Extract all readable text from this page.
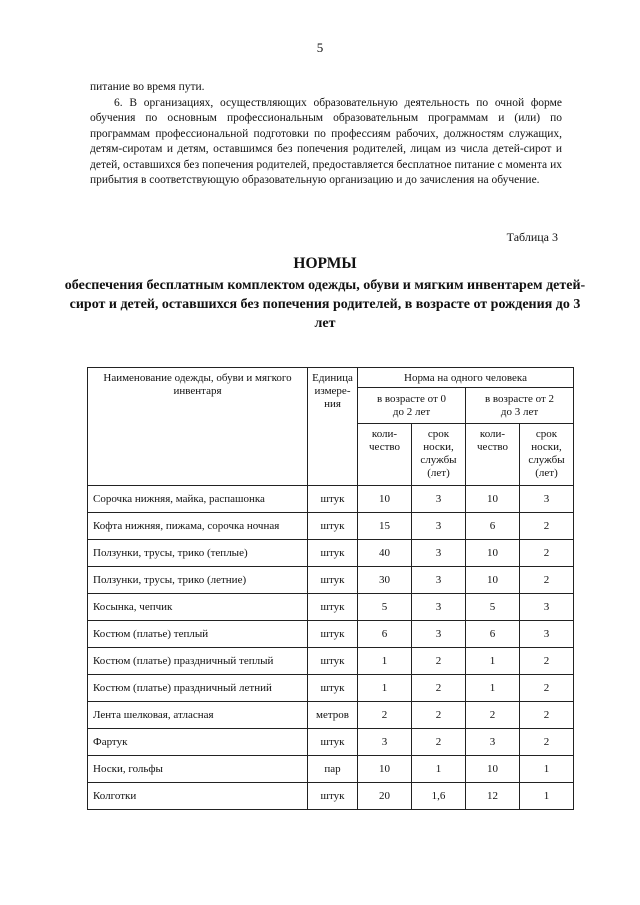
5

питание во время пути.

6. В организациях, осуществляющих образовательную деятельность по очной форме обучения по основным профессиональным образовательным программам и (или) по программам профессиональной подготовки по профессиям рабочих, должностям служащих, детям-сиротам и детям, оставшимся без попечения родителей, лицам из числа детей-сирот и детей, оставшихся без попечения родителей, предоставляется бесплатное питание с момента их прибытия в соответствующую образовательную организацию и до зачисления на обучение.

Таблица 3
НОРМЫ
обеспечения бесплатным комплектом одежды, обуви и мягким инвентарем детей-сирот и детей, оставшихся без попечения родителей, в возрасте от рождения до 3 лет
Наименование одежды, обуви и мягкого инвентаря	Единица измере-ния	Норма на одного человека			
		в возрасте от 0 до 2 лет		в возрасте от 2 до 3 лет	
		коли-чество	срок носки, службы (лет)	коли-чество	срок носки, службы (лет)
Сорочка нижняя, майка, распашонка	штук	10	3	10	3
Кофта нижняя, пижама, сорочка ночная	штук	15	3	6	2
Ползунки, трусы, трико (теплые)	штук	40	3	10	2
Ползунки, трусы, трико (летние)	штук	30	3	10	2
Косынка, чепчик	штук	5	3	5	3
Костюм (платье) теплый	штук	6	3	6	3
Костюм (платье) праздничный теплый	штук	1	2	1	2
Костюм (платье) праздничный летний	штук	1	2	1	2
Лента шелковая, атласная	метров	2	2	2	2
Фартук	штук	3	2	3	2
Носки, гольфы	пар	10	1	10	1
Колготки	штук	20	1,6	12	1
